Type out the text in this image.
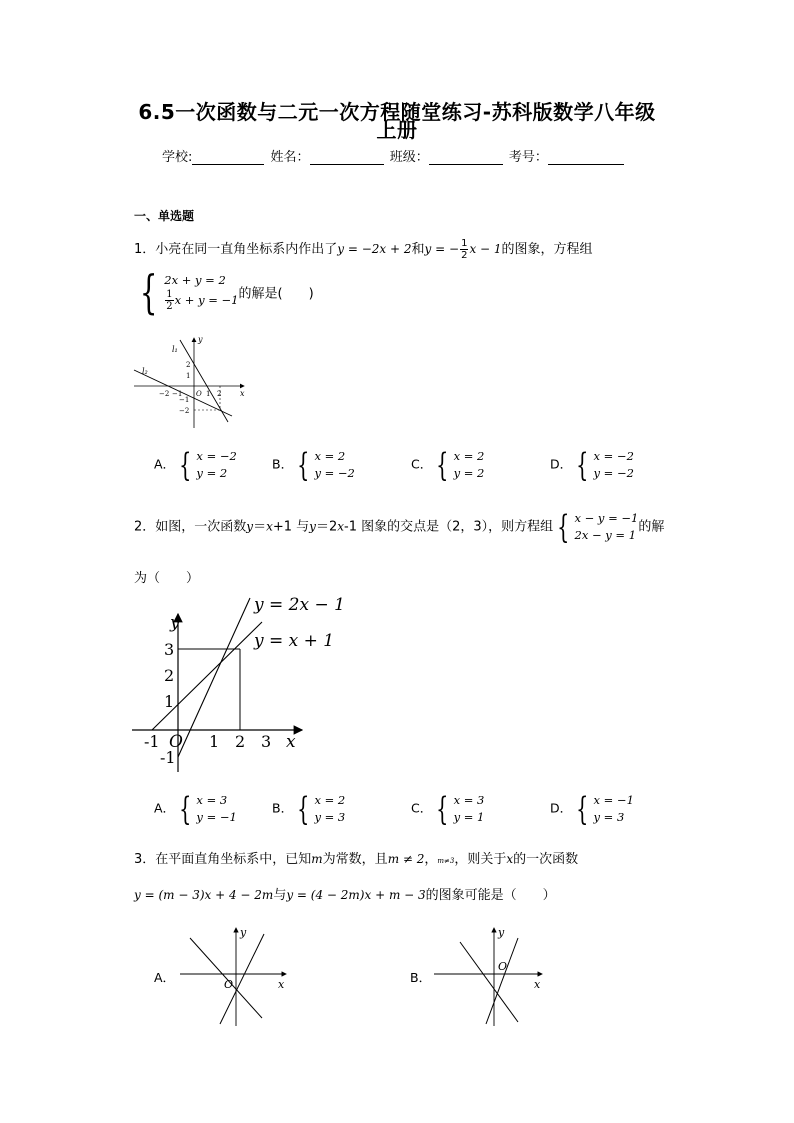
6.5一次函数与二元一次方程随堂练习-苏科版数学八年级
上册
学校:	姓名：	班级：	考号：
一、单选题
1．小亮在同一直角坐标系内作出了y = −2x + 2和y = − $\frac{1}{2}$ x − 1的图象，方程组
{ 2x + y = 2
$\frac{1}{2}$ x + y = −1 的解是(　　)
l₁
l₂
y
x
O
2
1
−1
−2
−2 −1	1 2
A． { x = −2
y = 2
B． { x = 2
y = −2
C． { x = 2
y = 2
D． { x = −2
y = −2
2．如图，一次函数y＝x+1 与y＝2x-1 图象的交点是（2，3），则方程组 { x − y = −1
2x − y = 1
的解
为（　　）
y = 2x − 1
y = x + 1
y
x
O
3
2
1
-1
-1	1 2 3
A． { x = 3
y = −1
B． { x = 2
y = 3
C． { x = 3
y = 1
D． { x = −1
y = 3
3．在平面直角坐标系中，已知m为常数，且m ≠ 2，m≠3，则关于x的一次函数
y = (m − 3)x + 4 − 2m与y = (4 − 2m)x + m − 3的图象可能是（　　）
A．
y
x
O	B．
y
x
O
